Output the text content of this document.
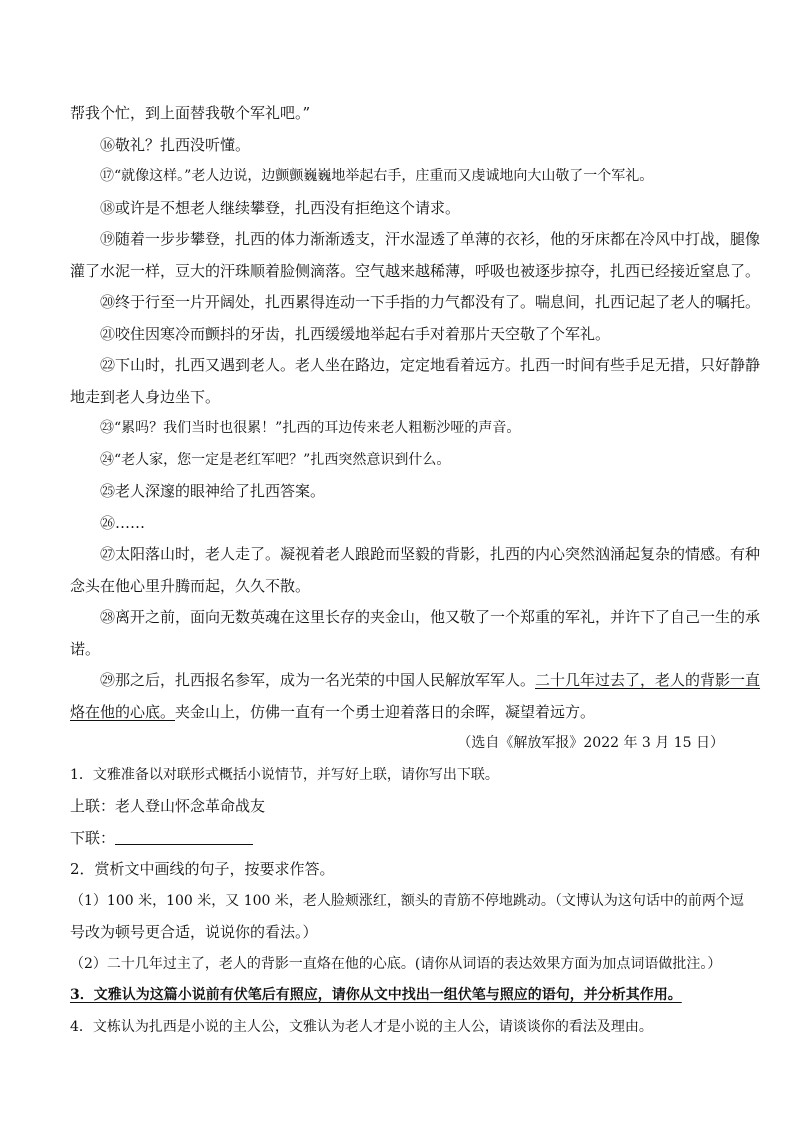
帮我个忙，到上面替我敬个军礼吧。”
⑯敬礼？扎西没听懂。
⑰“就像这样。”老人边说，边颤颤巍巍地举起右手，庄重而又虔诚地向大山敬了一个军礼。
⑱或许是不想老人继续攀登，扎西没有拒绝这个请求。
⑲随着一步步攀登，扎西的体力渐渐透支，汗水湿透了单薄的衣衫，他的牙床都在冷风中打战，腿像
灌了水泥一样，豆大的汗珠顺着脸侧滴落。空气越来越稀薄，呼吸也被逐步掠夺，扎西已经接近窒息了。
⑳终于行至一片开阔处，扎西累得连动一下手指的力气都没有了。喘息间，扎西记起了老人的嘱托。
㉑咬住因寒冷而颤抖的牙齿，扎西缓缓地举起右手对着那片天空敬了个军礼。
㉒下山时，扎西又遇到老人。老人坐在路边，定定地看着远方。扎西一时间有些手足无措，只好静静
地走到老人身边坐下。
㉓“累吗？我们当时也很累！”扎西的耳边传来老人粗粝沙哑的声音。
㉔“老人家，您一定是老红军吧？”扎西突然意识到什么。
㉕老人深邃的眼神给了扎西答案。
㉖……
㉗太阳落山时，老人走了。凝视着老人踉跄而坚毅的背影，扎西的内心突然汹涌起复杂的情感。有种
念头在他心里升腾而起，久久不散。
㉘离开之前，面向无数英魂在这里长存的夹金山，他又敬了一个郑重的军礼，并许下了自己一生的承
诺。
㉙那之后，扎西报名参军，成为一名光荣的中国人民解放军军人。二十几年过去了，老人的背影一直
烙在他的心底。夹金山上，仿佛一直有一个勇士迎着落日的余晖，凝望着远方。
（选自《解放军报》2022 年 3 月 15 日）
1．文雅准备以对联形式概括小说情节，并写好上联，请你写出下联。
上联：老人登山怀念革命战友
下联：
2．赏析文中画线的句子，按要求作答。
（1）100 米，100 米，又 100 米，老人脸颊涨红，额头的青筋不停地跳动。（文博认为这句话中的前两个逗
号改为顿号更合适，说说你的看法。）
（2）二十几年过主了，老人的背影一直烙在他的心底。(请你从词语的表达效果方面为加点词语做批注。）
3．文雅认为这篇小说前有伏笔后有照应，请你从文中找出一组伏笔与照应的语句，并分析其作用。
4．文栋认为扎西是小说的主人公，文雅认为老人才是小说的主人公，请谈谈你的看法及理由。
